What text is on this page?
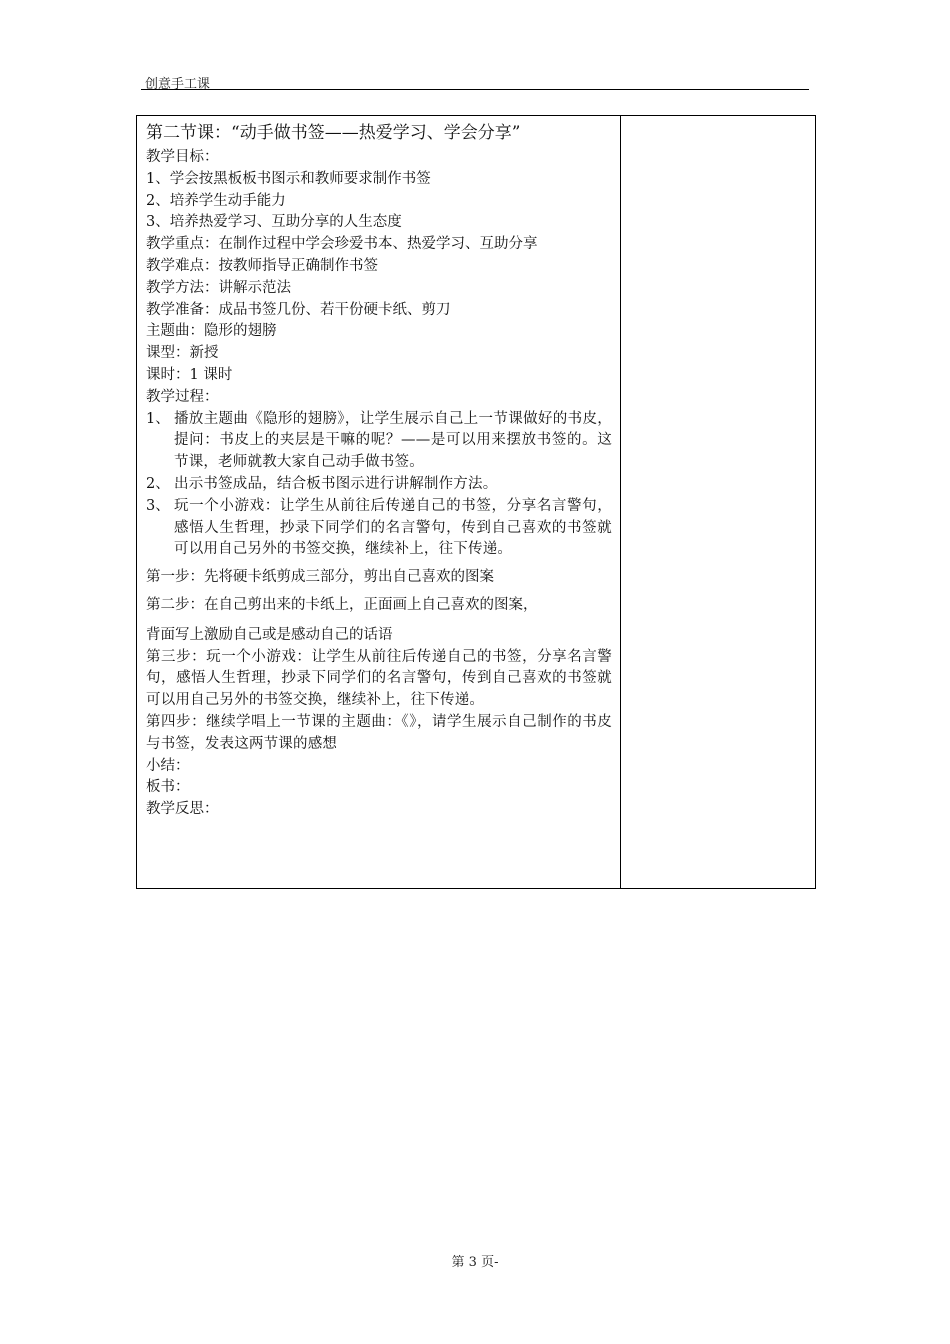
创意手工课
第二节课：“动手做书签——热爱学习、学会分享”
教学目标：
1、学会按黑板板书图示和教师要求制作书签
2、培养学生动手能力
3、培养热爱学习、互助分享的人生态度
教学重点：在制作过程中学会珍爱书本、热爱学习、互助分享
教学难点：按教师指导正确制作书签
教学方法：讲解示范法
教学准备：成品书签几份、若干份硬卡纸、剪刀
主题曲：隐形的翅膀
课型：新授
课时：1 课时
教学过程：
1、 播放主题曲《隐形的翅膀》，让学生展示自己上一节课做好的书皮，提问：书皮上的夹层是干嘛的呢？——是可以用来摆放书签的。这节课，老师就教大家自己动手做书签。
2、 出示书签成品，结合板书图示进行讲解制作方法。
3、 玩一个小游戏：让学生从前往后传递自己的书签，分享名言警句，感悟人生哲理，抄录下同学们的名言警句，传到自己喜欢的书签就可以用自己另外的书签交换，继续补上，往下传递。
第一步：先将硬卡纸剪成三部分，剪出自己喜欢的图案
第二步：在自己剪出来的卡纸上，正面画上自己喜欢的图案，
背面写上激励自己或是感动自己的话语
第三步：玩一个小游戏：让学生从前往后传递自己的书签，分享名言警句，感悟人生哲理，抄录下同学们的名言警句，传到自己喜欢的书签就可以用自己另外的书签交换，继续补上，往下传递。
第四步：继续学唱上一节课的主题曲：《》，请学生展示自己制作的书皮与书签，发表这两节课的感想
小结：
板书：
教学反思：
第 3 页-
